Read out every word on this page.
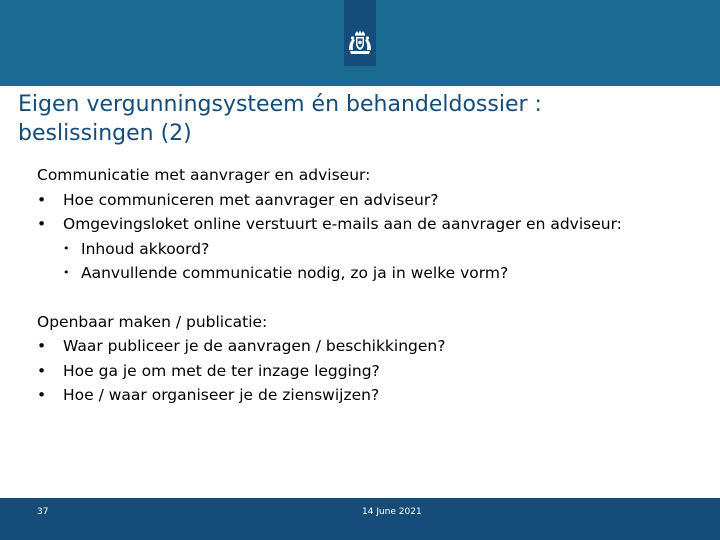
Eigen vergunningsysteem én behandeldossier :
beslissingen (2)
Communicatie met aanvrager en adviseur:
• Hoe communiceren met aanvrager en adviseur?
• Omgevingsloket online verstuurt e-mails aan de aanvrager en adviseur:
• Inhoud akkoord?
• Aanvullende communicatie nodig, zo ja in welke vorm?
Openbaar maken / publicatie:
• Waar publiceer je de aanvragen / beschikkingen?
• Hoe ga je om met de ter inzage legging?
• Hoe / waar organiseer je de zienswijzen?
37	14 June 2021
